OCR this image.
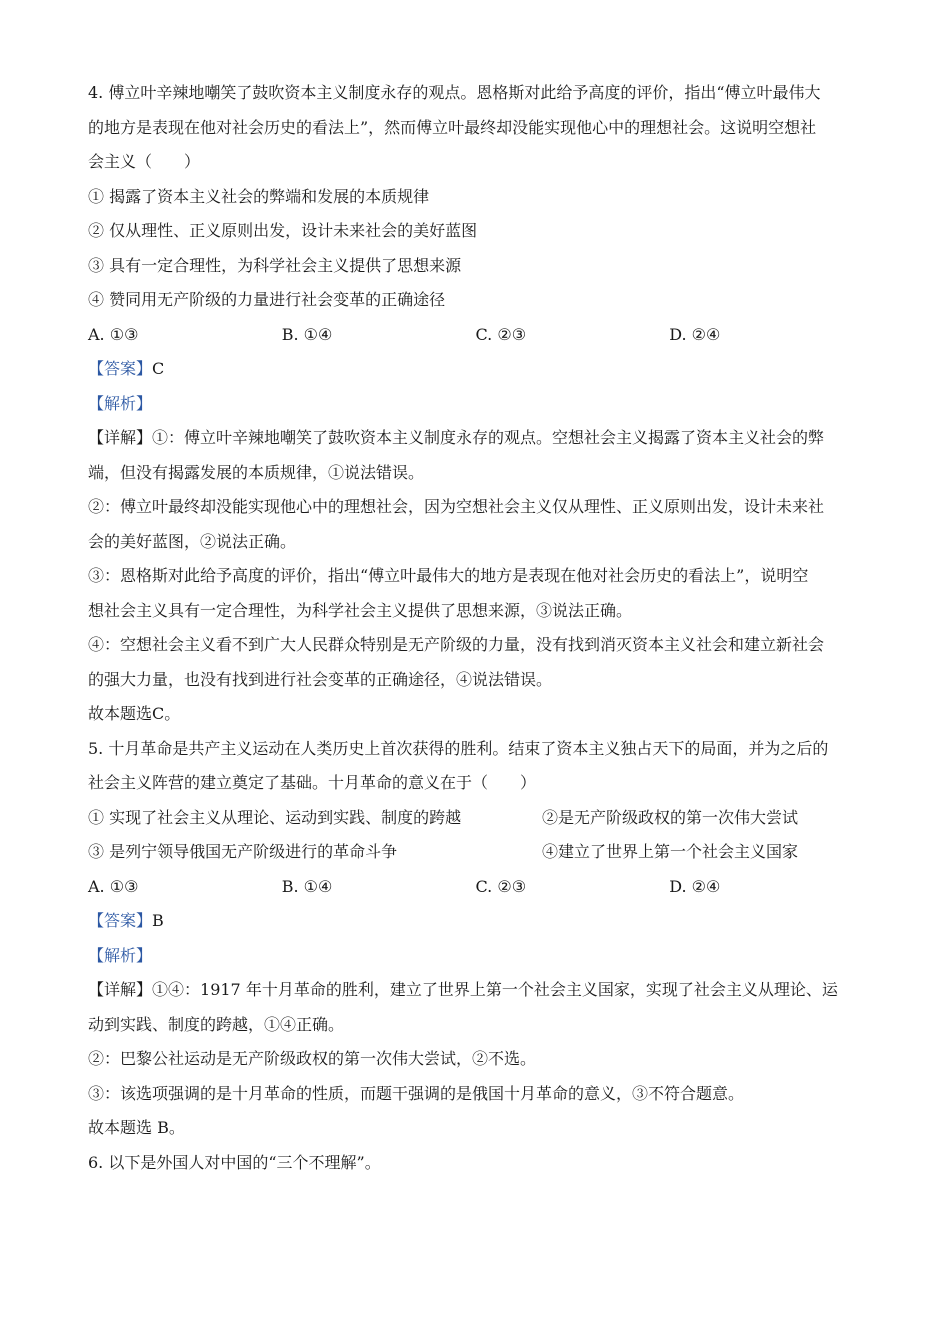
4. 傅立叶辛辣地嘲笑了鼓吹资本主义制度永存的观点。恩格斯对此给予高度的评价，指出“傅立叶最伟大
的地方是表现在他对社会历史的看法上”，然而傅立叶最终却没能实现他心中的理想社会。这说明空想社
会主义（　　）
① 揭露了资本主义社会的弊端和发展的本质规律
② 仅从理性、正义原则出发，设计未来社会的美好蓝图
③ 具有一定合理性，为科学社会主义提供了思想来源
④ 赞同用无产阶级的力量进行社会变革的正确途径
A. ①③	B. ①④	C. ②③	D. ②④
【答案】C
【解析】
【详解】①：傅立叶辛辣地嘲笑了鼓吹资本主义制度永存的观点。空想社会主义揭露了资本主义社会的弊
端，但没有揭露发展的本质规律，①说法错误。
②：傅立叶最终却没能实现他心中的理想社会，因为空想社会主义仅从理性、正义原则出发，设计未来社
会的美好蓝图，②说法正确。
③：恩格斯对此给予高度的评价，指出“傅立叶最伟大的地方是表现在他对社会历史的看法上”，说明空
想社会主义具有一定合理性，为科学社会主义提供了思想来源，③说法正确。
④：空想社会主义看不到广大人民群众特别是无产阶级的力量，没有找到消灭资本主义社会和建立新社会
的强大力量，也没有找到进行社会变革的正确途径，④说法错误。
故本题选C。
5. 十月革命是共产主义运动在人类历史上首次获得的胜利。结束了资本主义独占天下的局面，并为之后的
社会主义阵营的建立奠定了基础。十月革命的意义在于（　　）
① 实现了社会主义从理论、运动到实践、制度的跨越	②是无产阶级政权的第一次伟大尝试
③ 是列宁领导俄国无产阶级进行的革命斗争	④建立了世界上第一个社会主义国家
A. ①③	B. ①④	C. ②③	D. ②④
【答案】B
【解析】
【详解】①④：1917 年十月革命的胜利，建立了世界上第一个社会主义国家，实现了社会主义从理论、运
动到实践、制度的跨越，①④正确。
②：巴黎公社运动是无产阶级政权的第一次伟大尝试，②不选。
③：该选项强调的是十月革命的性质，而题干强调的是俄国十月革命的意义，③不符合题意。
故本题选 B。
6. 以下是外国人对中国的“三个不理解”。
